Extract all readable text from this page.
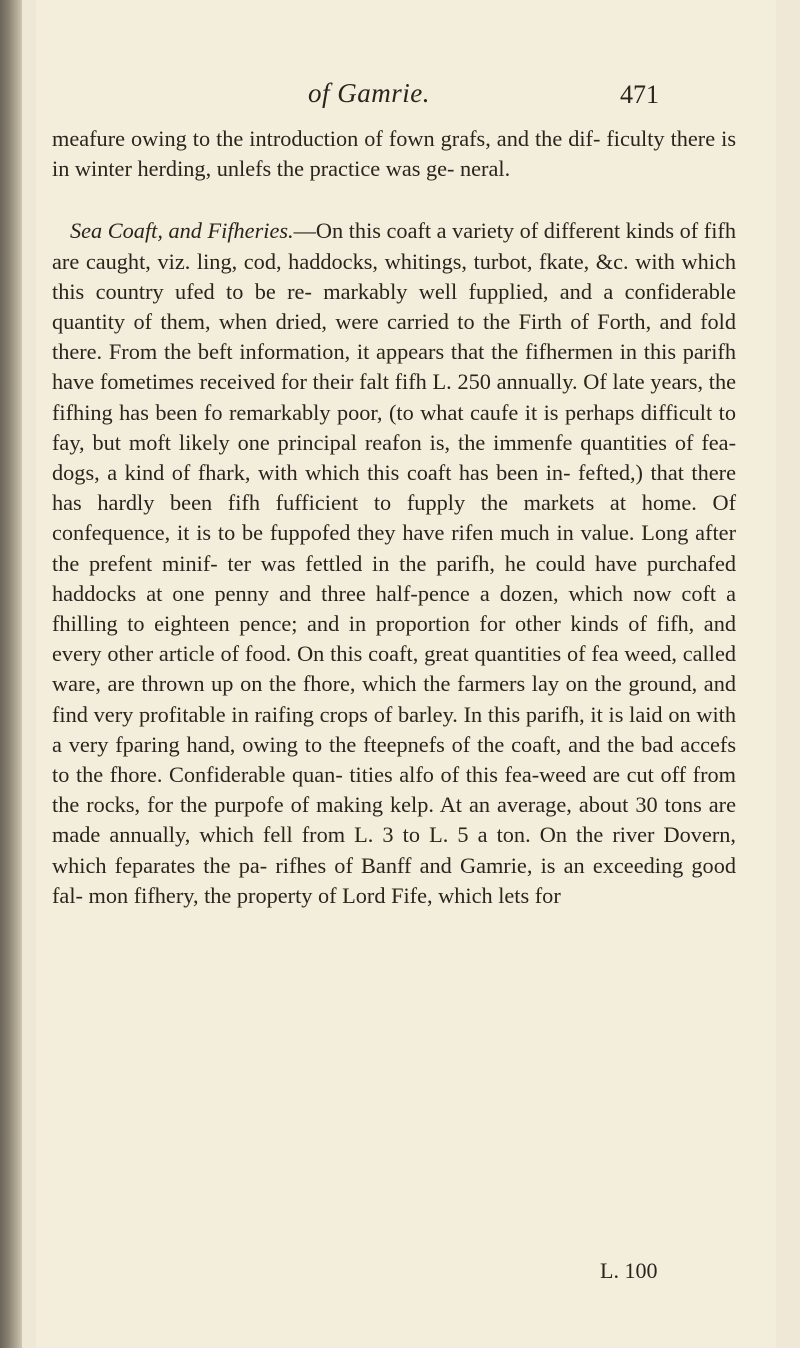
of Gamrie.	471

meafure owing to the introduction of fown grafs, and the dif- ficulty there is in winter herding, unlefs the practice was ge- neral.

Sea Coaft, and Fifheries.—On this coaft a variety of different kinds of fifh are caught, viz. ling, cod, haddocks, whitings, turbot, fkate, &c. with which this country ufed to be re- markably well fupplied, and a confiderable quantity of them, when dried, were carried to the Firth of Forth, and fold there. From the beft information, it appears that the fifhermen in this parifh have fometimes received for their falt fifh L. 250 annually. Of late years, the fifhing has been fo remarkably poor, (to what caufe it is perhaps difficult to fay, but moft likely one principal reafon is, the immenfe quantities of fea- dogs, a kind of fhark, with which this coaft has been in- fefted,) that there has hardly been fifh fufficient to fupply the markets at home. Of confequence, it is to be fuppofed they have rifen much in value. Long after the prefent minif- ter was fettled in the parifh, he could have purchafed haddocks at one penny and three half-pence a dozen, which now coft a fhilling to eighteen pence; and in proportion for other kinds of fifh, and every other article of food. On this coaft, great quantities of fea weed, called ware, are thrown up on the fhore, which the farmers lay on the ground, and find very profitable in raifing crops of barley. In this parifh, it is laid on with a very fparing hand, owing to the fteepnefs of the coaft, and the bad accefs to the fhore. Confiderable quan- tities alfo of this fea-weed are cut off from the rocks, for the purpofe of making kelp. At an average, about 30 tons are made annually, which fell from L. 3 to L. 5 a ton. On the river Dovern, which feparates the pa- rifhes of Banff and Gamrie, is an exceeding good fal- mon fifhery, the property of Lord Fife, which lets for

L. 100
